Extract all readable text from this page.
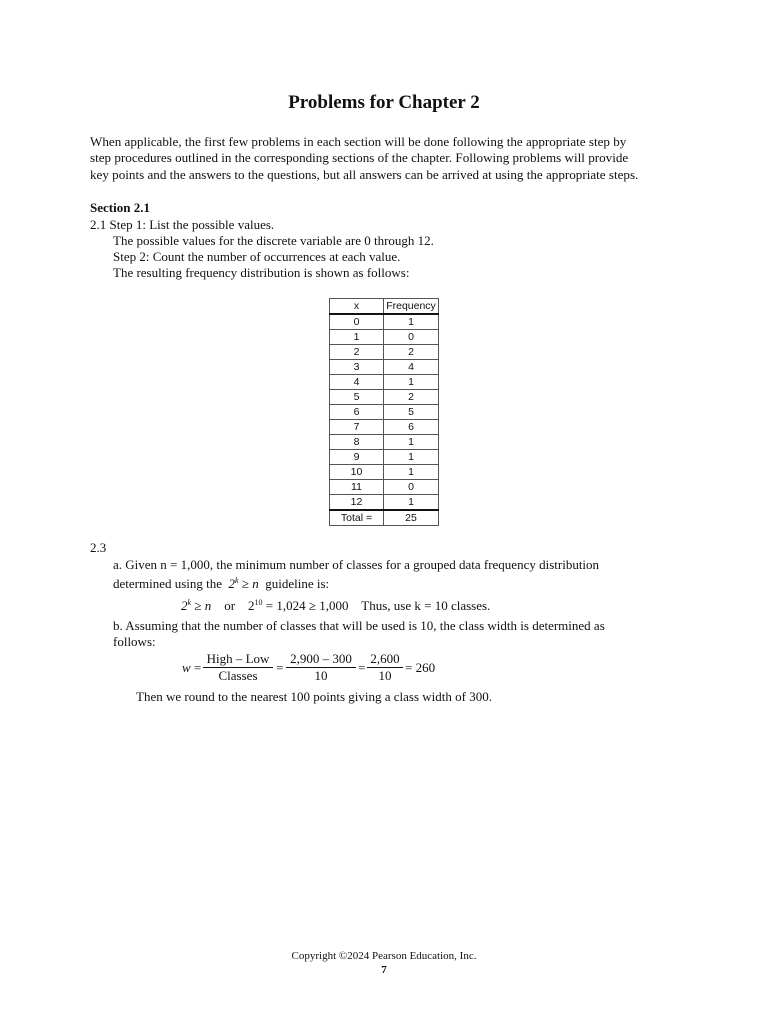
Problems for Chapter 2
When applicable, the first few problems in each section will be done following the appropriate step by
step procedures outlined in the corresponding sections of the chapter. Following problems will provide
key points and the answers to the questions, but all answers can be arrived at using the appropriate steps.
Section 2.1
2.1 Step 1: List the possible values.
The possible values for the discrete variable are 0 through 12.
Step 2: Count the number of occurrences at each value.
The resulting frequency distribution is shown as follows:
x	Frequency
0	1
1	0
2	2
3	4
4	1
5	2
6	5
7	6
8	1
9	1
10	1
11	0
12	1
Total =	25
2.3
a. Given n = 1,000, the minimum number of classes for a grouped data frequency distribution
determined using the  $2^k \ge n$  guideline is:
$2^k \ge n$ or $2^{10} = 1,024 \ge 1,000$ Thus, use k = 10 classes.
b. Assuming that the number of classes that will be used is 10, the class width is determined as
follows:
w =
High – Low
Classes
= $\frac{2,900 - 300}{10} = \frac{2,600}{10} = 260$
Then we round to the nearest 100 points giving a class width of 300.
Copyright ©2024 Pearson Education, Inc.
7
